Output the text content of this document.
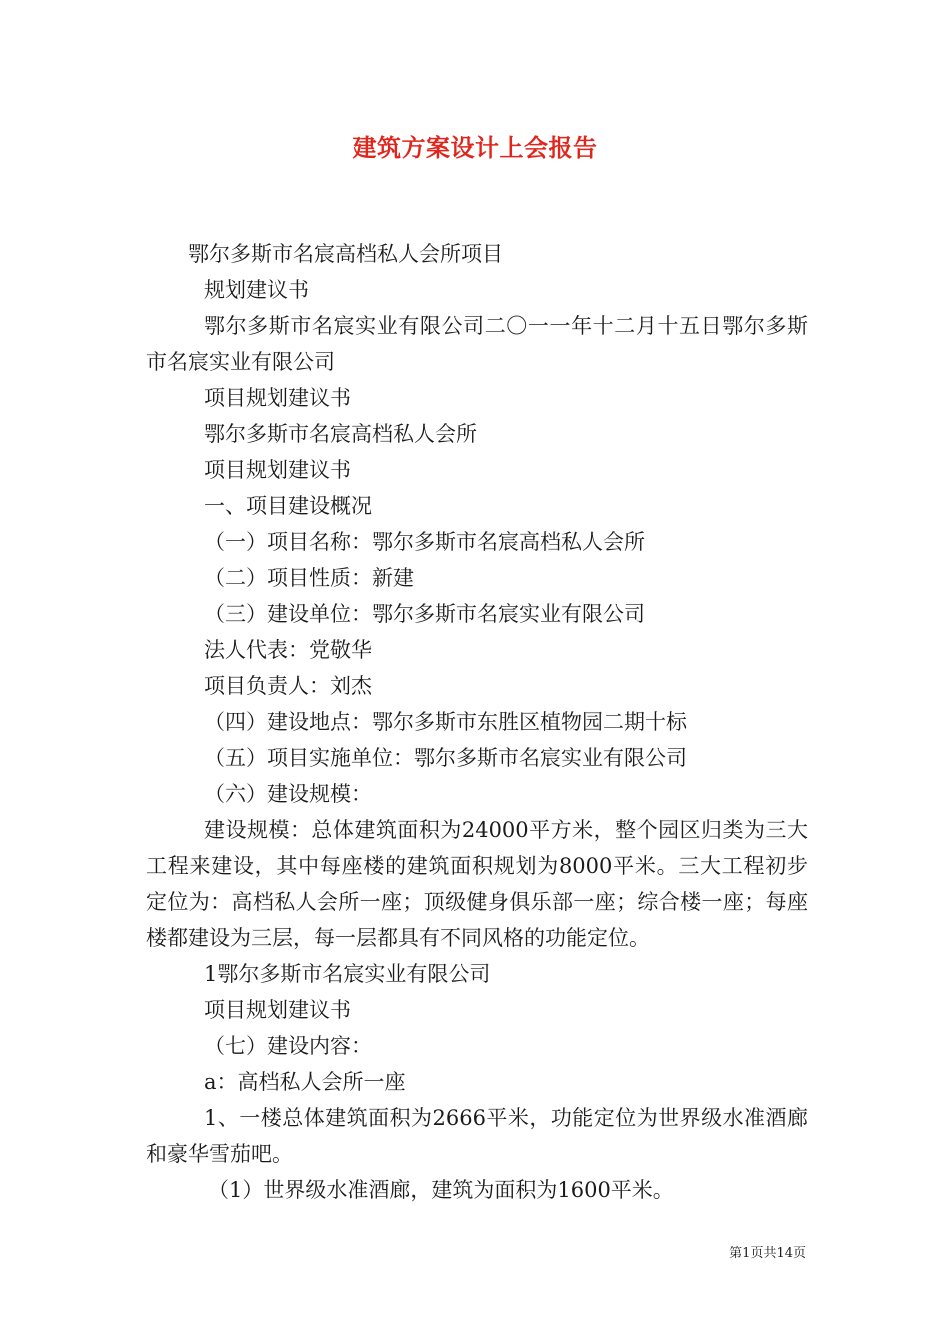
建筑方案设计上会报告

鄂尔多斯市名宸高档私人会所项目

规划建议书

鄂尔多斯市名宸实业有限公司二〇一一年十二月十五日鄂尔多斯市名宸实业有限公司

项目规划建议书

鄂尔多斯市名宸高档私人会所

项目规划建议书

一、项目建设概况

（一）项目名称：鄂尔多斯市名宸高档私人会所

（二）项目性质：新建

（三）建设单位：鄂尔多斯市名宸实业有限公司

法人代表：党敬华

项目负责人：刘杰

（四）建设地点：鄂尔多斯市东胜区植物园二期十标

（五）项目实施单位：鄂尔多斯市名宸实业有限公司

（六）建设规模：

建设规模：总体建筑面积为24000平方米，整个园区归类为三大工程来建设，其中每座楼的建筑面积规划为8000平米。三大工程初步定位为：高档私人会所一座；顶级健身俱乐部一座；综合楼一座；每座楼都建设为三层，每一层都具有不同风格的功能定位。

1鄂尔多斯市名宸实业有限公司

项目规划建议书

（七）建设内容：

a：高档私人会所一座

1、一楼总体建筑面积为2666平米，功能定位为世界级水准酒廊和豪华雪茄吧。

（1）世界级水准酒廊，建筑为面积为1600平米。

第1页共14页
